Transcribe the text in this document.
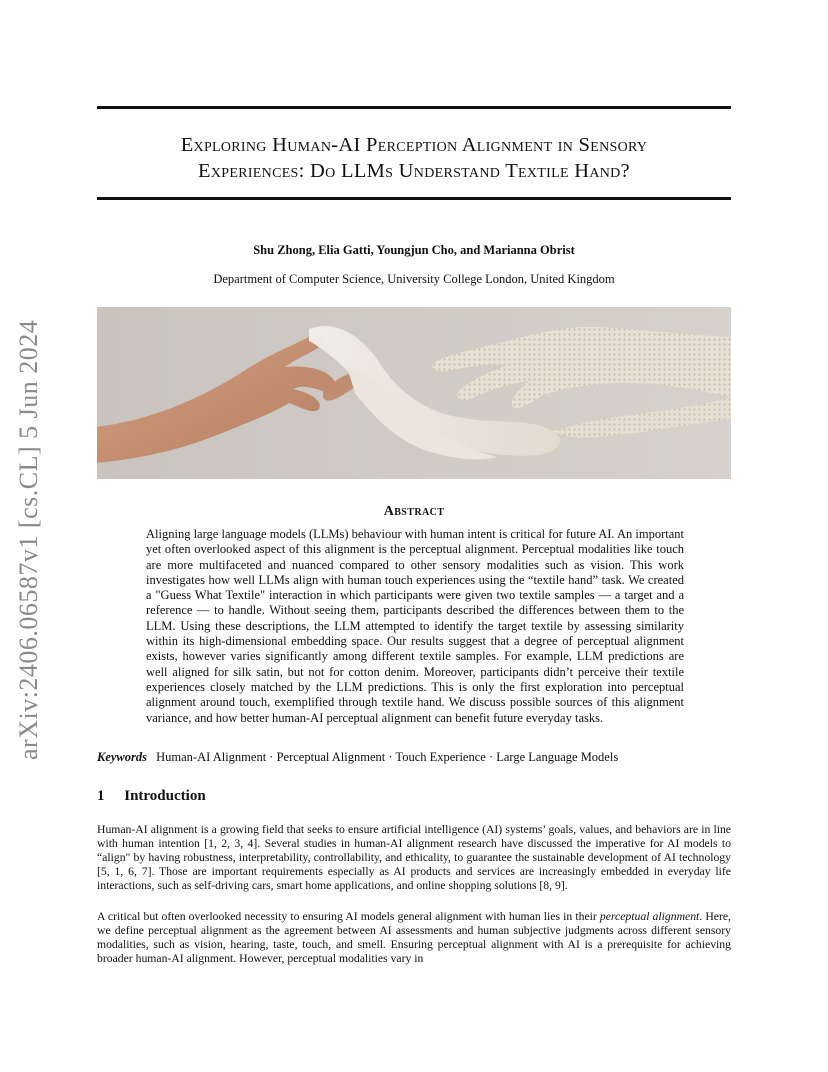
arXiv:2406.06587v1 [cs.CL] 5 Jun 2024
Exploring Human-AI Perception Alignment in Sensory
Experiences: Do LLMs Understand Textile Hand?
Shu Zhong, Elia Gatti, Youngjun Cho, and Marianna Obrist
Department of Computer Science, University College London, United Kingdom
Abstract
Aligning large language models (LLMs) behaviour with human intent is critical for future AI. An important yet often overlooked aspect of this alignment is the perceptual alignment. Perceptual modalities like touch are more multifaceted and nuanced compared to other sensory modalities such as vision. This work investigates how well LLMs align with human touch experiences using the “textile hand” task. We created a "Guess What Textile" interaction in which participants were given two textile samples — a target and a reference — to handle. Without seeing them, participants described the differences between them to the LLM. Using these descriptions, the LLM attempted to identify the target textile by assessing similarity within its high-dimensional embedding space. Our results suggest that a degree of perceptual alignment exists, however varies significantly among different textile samples. For example, LLM predictions are well aligned for silk satin, but not for cotton denim. Moreover, participants didn’t perceive their textile experiences closely matched by the LLM predictions. This is only the first exploration into perceptual alignment around touch, exemplified through textile hand. We discuss possible sources of this alignment variance, and how better human-AI perceptual alignment can benefit future everyday tasks.
Keywords Human-AI Alignment · Perceptual Alignment · Touch Experience · Large Language Models
1 Introduction
Human-AI alignment is a growing field that seeks to ensure artificial intelligence (AI) systems’ goals, values, and behaviors are in line with human intention [1, 2, 3, 4]. Several studies in human-AI alignment research have discussed the imperative for AI models to “align" by having robustness, interpretability, controllability, and ethicality, to guarantee the sustainable development of AI technology [5, 1, 6, 7]. Those are important requirements especially as AI products and services are increasingly embedded in everyday life interactions, such as self-driving cars, smart home applications, and online shopping solutions [8, 9].
A critical but often overlooked necessity to ensuring AI models general alignment with human lies in their perceptual alignment. Here, we define perceptual alignment as the agreement between AI assessments and human subjective judgments across different sensory modalities, such as vision, hearing, taste, touch, and smell. Ensuring perceptual alignment with AI is a prerequisite for achieving broader human-AI alignment. However, perceptual modalities vary in
